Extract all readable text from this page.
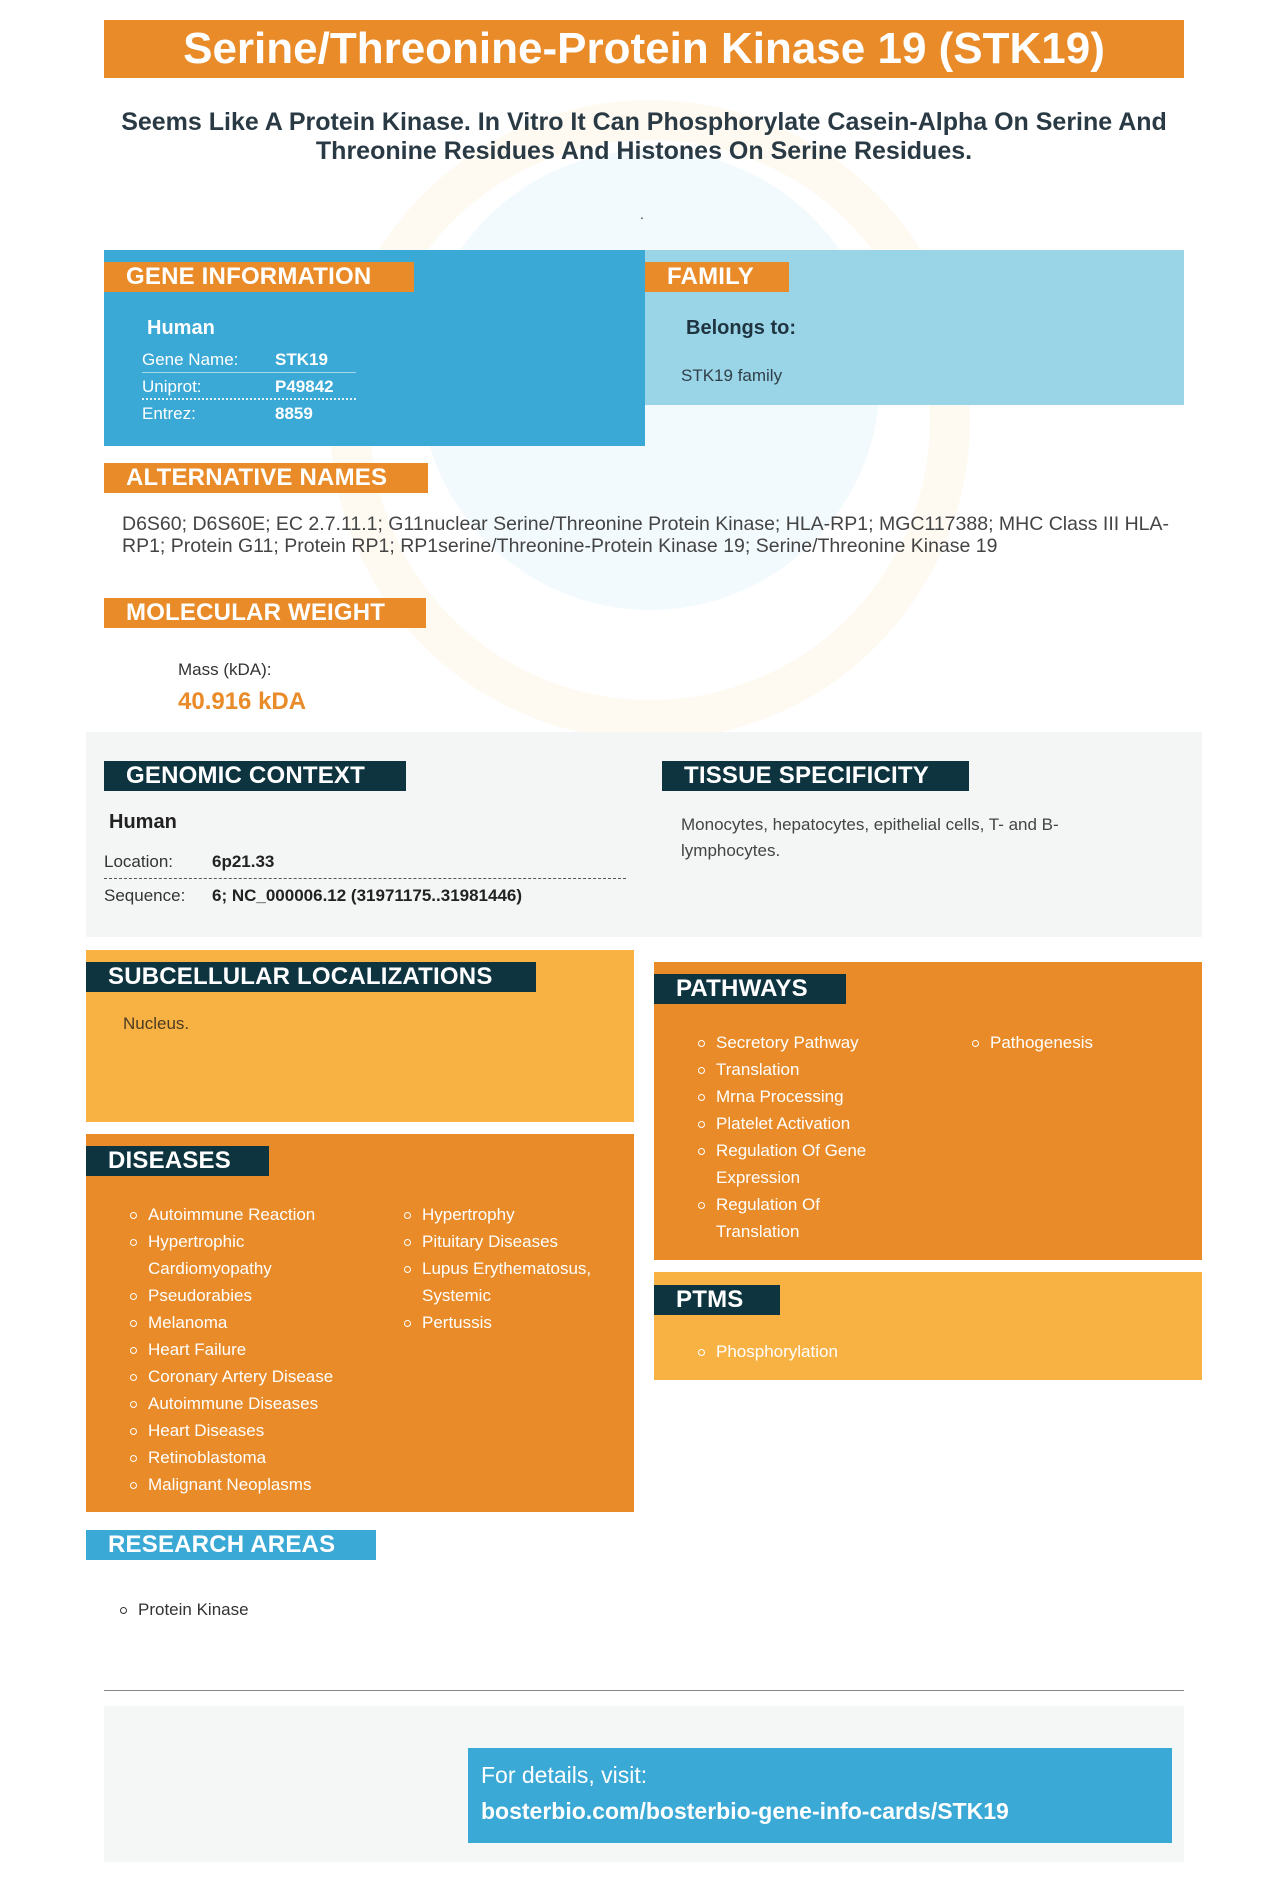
Serine/Threonine-Protein Kinase 19 (STK19)
Seems Like A Protein Kinase. In Vitro It Can Phosphorylate Casein-Alpha On Serine And Threonine Residues And Histones On Serine Residues.
.
GENE INFORMATION
Human
Gene Name: STK19
Uniprot:	P49842
Entrez:	8859
FAMILY
Belongs to:
STK19 family
ALTERNATIVE NAMES
D6S60; D6S60E; EC 2.7.11.1; G11nuclear Serine/Threonine Protein Kinase; HLA-RP1; MGC117388; MHC Class III HLA-RP1; Protein G11; Protein RP1; RP1serine/Threonine-Protein Kinase 19; Serine/Threonine Kinase 19
MOLECULAR WEIGHT
Mass (kDA):
40.916 kDA
GENOMIC CONTEXT
Human
Location: 6p21.33
Sequence: 6; NC_000006.12 (31971175..31981446)
TISSUE SPECIFICITY
Monocytes, hepatocytes, epithelial cells, T- and B-lymphocytes.
SUBCELLULAR LOCALIZATIONS
Nucleus.
DISEASES
Autoimmune Reaction
Hypertrophic Cardiomyopathy
Pseudorabies
Melanoma
Heart Failure
Coronary Artery Disease
Autoimmune Diseases
Heart Diseases
Retinoblastoma
Malignant Neoplasms
Hypertrophy
Pituitary Diseases
Lupus Erythematosus, Systemic
Pertussis
PATHWAYS
Secretory Pathway
Translation
Mrna Processing
Platelet Activation
Regulation Of Gene Expression
Regulation Of Translation
Pathogenesis
PTMS
Phosphorylation
RESEARCH AREAS
Protein Kinase
For details, visit:
bosterbio.com/bosterbio-gene-info-cards/STK19
